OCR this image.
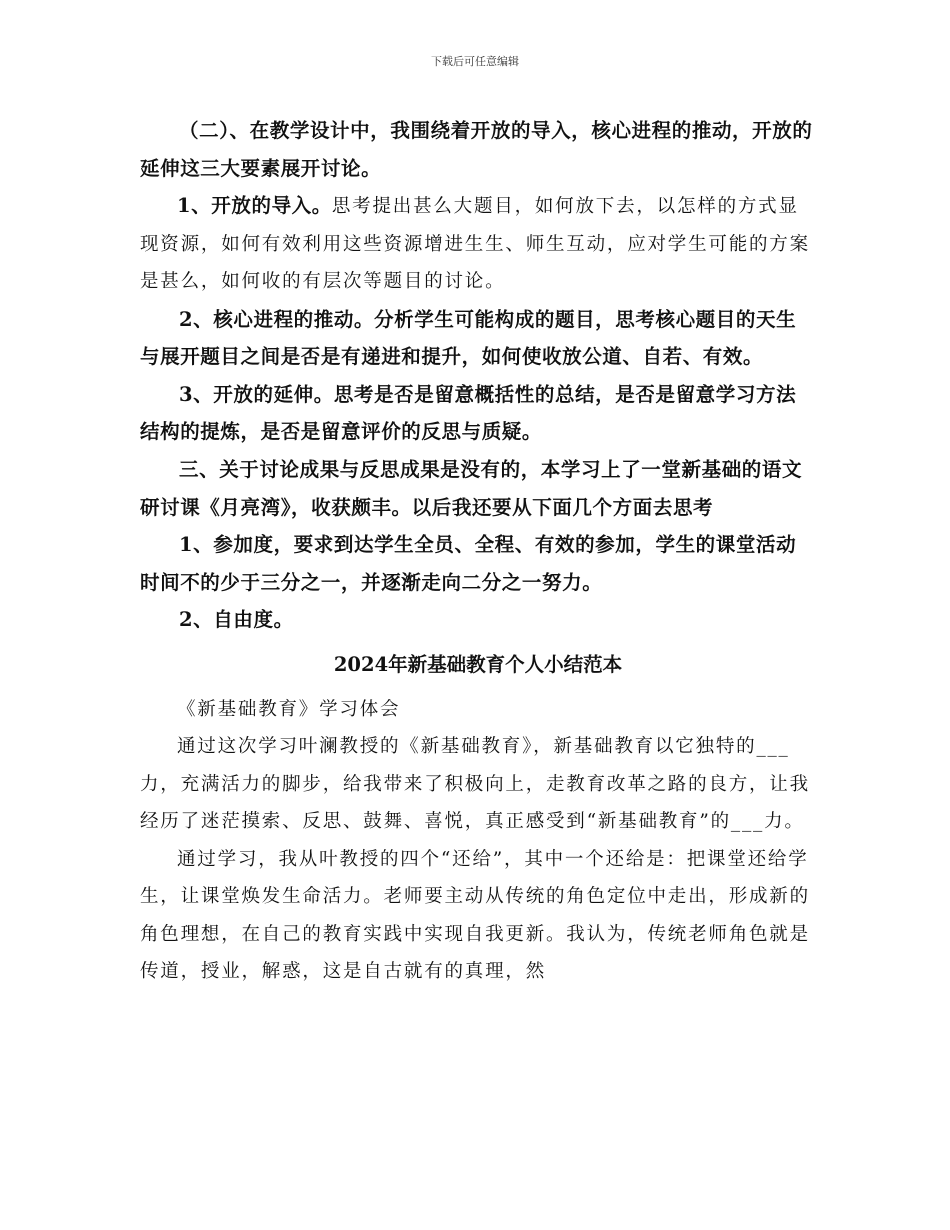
下载后可任意编辑

（二）、在教学设计中，我围绕着开放的导入，核心进程的推动，开放的延伸这三大要素展开讨论。

1、开放的导入。思考提出甚么大题目，如何放下去，以怎样的方式显现资源，如何有效利用这些资源增进生生、师生互动，应对学生可能的方案是甚么，如何收的有层次等题目的讨论。

2、核心进程的推动。分析学生可能构成的题目，思考核心题目的天生与展开题目之间是否是有递进和提升，如何使收放公道、自若、有效。

3、开放的延伸。思考是否是留意概括性的总结，是否是留意学习方法结构的提炼，是否是留意评价的反思与质疑。

三、关于讨论成果与反思成果是没有的，本学习上了一堂新基础的语文研讨课《月亮湾》，收获颇丰。以后我还要从下面几个方面去思考

1、参加度，要求到达学生全员、全程、有效的参加，学生的课堂活动时间不的少于三分之一，并逐渐走向二分之一努力。

2、自由度。

2024年新基础教育个人小结范本

《新基础教育》学习体会

通过这次学习叶澜教授的《新基础教育》，新基础教育以它独特的___力，充满活力的脚步，给我带来了积极向上，走教育改革之路的良方，让我经历了迷茫摸索、反思、鼓舞、喜悦，真正感受到“新基础教育”的___力。

通过学习，我从叶教授的四个“还给”，其中一个还给是：把课堂还给学生，让课堂焕发生命活力。老师要主动从传统的角色定位中走出，形成新的角色理想，在自己的教育实践中实现自我更新。我认为，传统老师角色就是传道，授业，解惑，这是自古就有的真理，然
